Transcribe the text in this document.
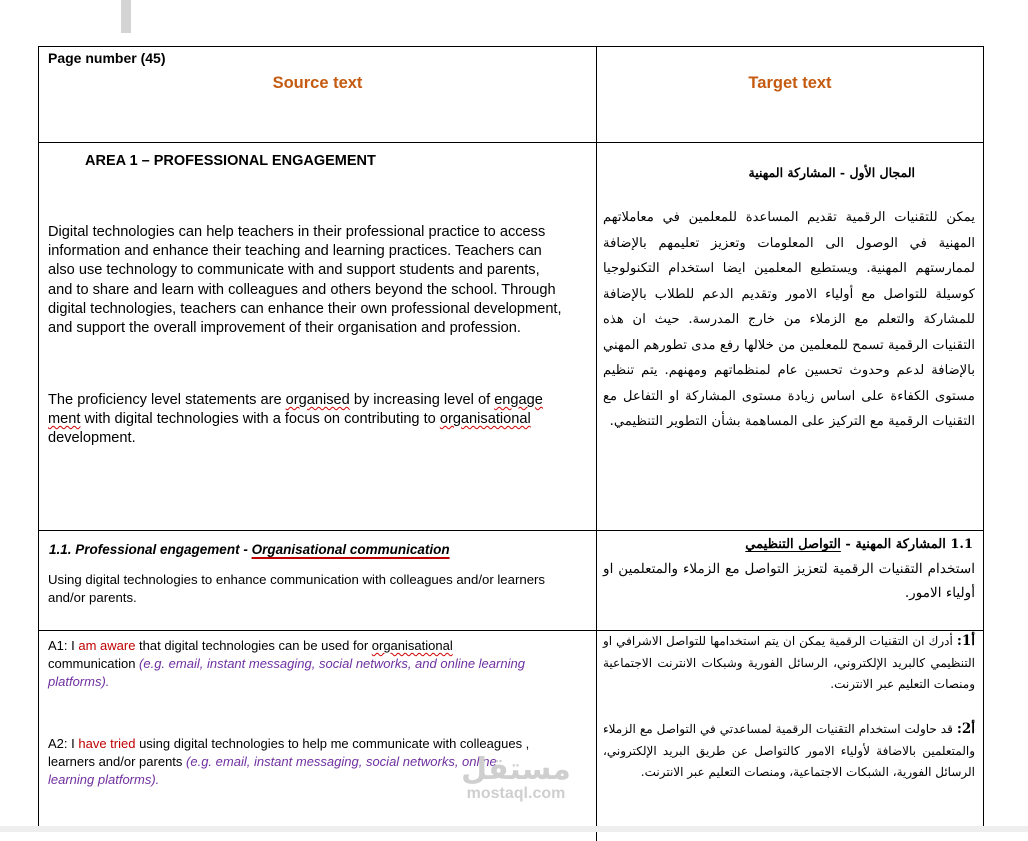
Page number (45)
Source text	Target text
AREA 1 – PROFESSIONAL ENGAGEMENT
Digital technologies can help teachers in their professional practice to access information and enhance their teaching and learning practices. Teachers can also use technology to communicate with and support students and parents, and to share and learn with colleagues and others beyond the school. Through digital technologies, teachers can enhance their own professional development, and support the overall improvement of their organisation and profession.
The proficiency level statements are organised by increasing level of engage ment with digital technologies with a focus on contributing to organisational development.
المجال الأول - المشاركة المهنية
يمكن للتقنيات الرقمية تقديم المساعدة للمعلمين في معاملاتهم المهنية في الوصول الى المعلومات وتعزيز تعليمهم بالإضافة لممارستهم المهنية. ويستطيع المعلمين ايضا استخدام التكنولوجيا كوسيلة للتواصل مع أولياء الامور وتقديم الدعم للطلاب بالإضافة للمشاركة والتعلم مع الزملاء من خارج المدرسة. حيث ان هذه التقنيات الرقمية تسمح للمعلمين من خلالها رفع مدى تطورهم المهني بالإضافة لدعم وحدوث تحسين عام لمنظماتهم ومهنهم. يتم تنظيم مستوى الكفاءة على اساس زيادة مستوى المشاركة او التفاعل مع التقنيات الرقمية مع التركيز على المساهمة بشأن التطوير التنظيمي.
1.1. Professional engagement - Organisational communication
Using digital technologies to enhance communication with colleagues and/or learners and/or parents.
1.1 المشاركة المهنية - التواصل التنظيمي
استخدام التقنيات الرقمية لتعزيز التواصل مع الزملاء والمتعلمين او أولياء الامور.
A1: I am aware that digital technologies can be used for organisational communication (e.g. email, instant messaging, social networks, and online learning platforms).
A2: I have tried using digital technologies to help me communicate with colleagues , learners and/or parents (e.g. email, instant messaging, social networks, online learning platforms).
أ1: أدرك ان التقنيات الرقمية يمكن ان يتم استخدامها للتواصل الاشرافي او التنظيمي كالبريد الإلكتروني، الرسائل الفورية وشبكات الانترنت الاجتماعية ومنصات التعليم عبر الانترنت.
أ2: قد حاولت استخدام التقنيات الرقمية لمساعدتي في التواصل مع الزملاء والمتعلمين بالاضافة لأولياء الامور كالتواصل عن طريق البريد الإلكتروني، الرسائل الفورية، الشبكات الاجتماعية، ومنصات التعليم عبر الانترنت.
مستقل
mostaql.com
